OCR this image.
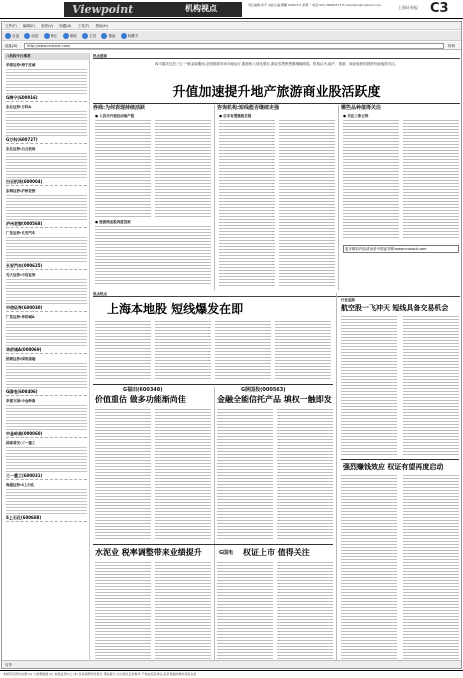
Viewpoint	机构视点	责任编辑:李平 本版主编:曹鹏 2008.5.5 星期一 电话:021-38967573 E-mail:lipin@cnstock.com	上海证券报 C3
文件(F) 编辑(E) 查看(V) 收藏(A) 工具(T) 帮助(H)
后退	前进	停止	刷新	主页	搜索	收藏夹
地址(D)	http://www.cnstock.com/	转到
八机构今日推荐
华泰证券:海宁皮城
G海宁(600016)
东北证券:万科A
G万科(600727)
东北证券:白云机场
白云机场(600004)
东海证券:泸州老窖
泸州老窖(000568)
广发证券:长安汽车
长安汽车(000625)
光大证券:中信证券
中信证券(600030)
广发证券:华侨城A
华侨城A(000069)
招商证券:国电南瑞
G国电(600406)
申银万国:中金岭南
中金岭南(000060)
国泰君安:三一重工
三一重工(600031)
海通证券:S上石化
S上石化(600688)
热点透视
四川震灾过后,"五一"黄金周期间,全国旅游市场平稳运行,旅游收入同比增长,商业零售销售额增幅明显。机构认为,地产、旅游、商业板块的投资价值值得关注。
升值加速提升地产旅游商业股活跃度
券商:为何表现持续活跃	咨询机构:短线能否继续走强	哪些品种值得关注
● 人民币升值拉动地产股
● 旅游商业股再度活跃
● 后市有望继续走强	● 关注三条主线
更多精彩内容请登录中国证券网:www.cnstock.com
焦点热点
上海本地股 短线爆发在即
行业追踪
航空股一飞冲天 短线具备交易机会
强烈赚钱效应 权证有望再度启动
G福田(600348)	G陕国投(000563)
价值重估 做多功能渐尚佳	金融全能信托产品 填权一触即发
水泥业 税率调整带来业绩提升	G国电 权证上市 值得关注
完毕
本版所有资料来源:(1) 大智慧数据 (2) 本报信息中心 (3) 各券商研究所报告 风险提示:文中观点仅供参考,不构成投资建议,投资者据此操作风险自担
